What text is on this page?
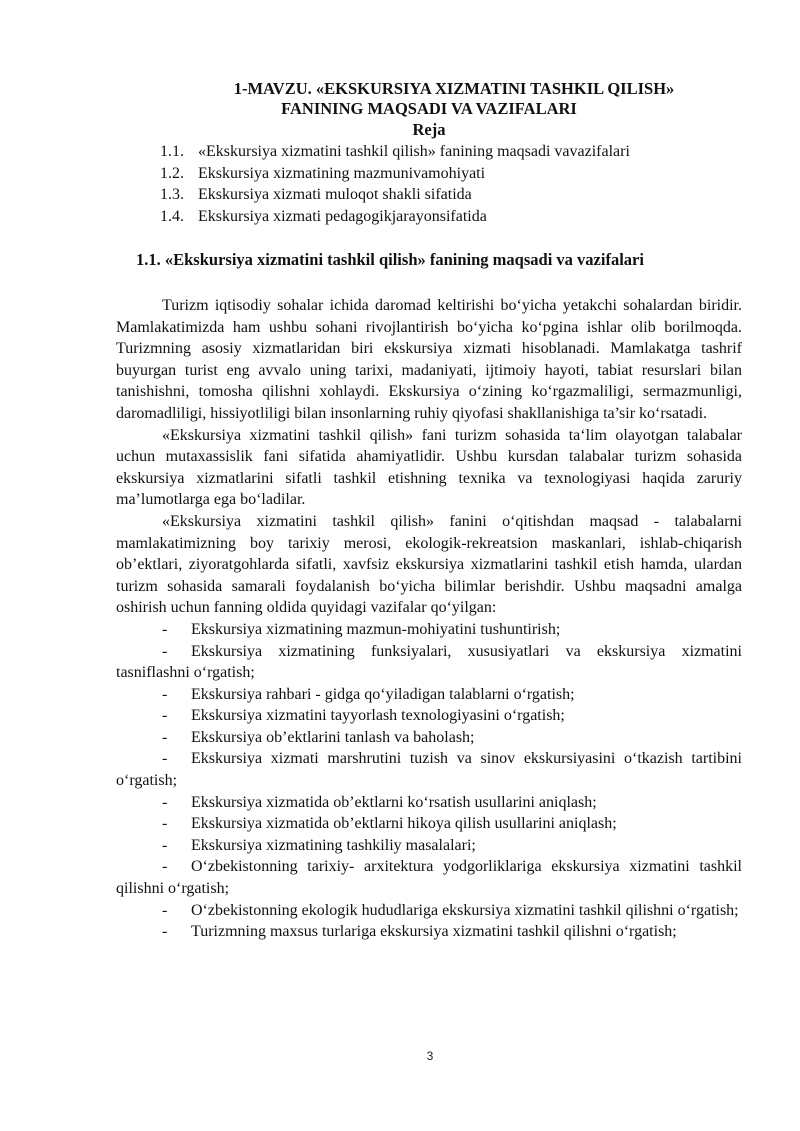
1-MAVZU. «EKSKURSIYA XIZMATINI TASHKIL QILISH»
FANINING MAQSADI VA VAZIFALARI
Reja
1.1. «Ekskursiya xizmatini tashkil qilish» fanining maqsadi vavazifalari
1.2. Ekskursiya xizmatining mazmunivamohiyati
1.3. Ekskursiya xizmati muloqot shakli sifatida
1.4. Ekskursiya xizmati pedagogikjarayonsifatida
1.1. «Ekskursiya xizmatini tashkil qilish» fanining maqsadi va vazifalari

Turizm iqtisodiy sohalar ichida daromad keltirishi bo‘yicha yetakchi sohalardan biridir. Mamlakatimizda ham ushbu sohani rivojlantirish bo‘yicha ko‘pgina ishlar olib borilmoqda. Turizmning asosiy xizmatlaridan biri ekskursiya xizmati hisoblanadi. Mamlakatga tashrif buyurgan turist eng avvalo uning tarixi, madaniyati, ijtimoiy hayoti, tabiat resurslari bilan tanishishni, tomosha qilishni xohlaydi. Ekskursiya o‘zining ko‘rgazmaliligi, sermazmunligi, daromadliligi, hissiyotliligi bilan insonlarning ruhiy qiyofasi shakllanishiga ta’sir ko‘rsatadi.

«Ekskursiya xizmatini tashkil qilish» fani turizm sohasida ta‘lim olayotgan talabalar uchun mutaxassislik fani sifatida ahamiyatlidir. Ushbu kursdan talabalar turizm sohasida ekskursiya xizmatlarini sifatli tashkil etishning texnika va texnologiyasi haqida zaruriy ma’lumotlarga ega bo‘ladilar.

«Ekskursiya xizmatini tashkil qilish» fanini o‘qitishdan maqsad - talabalarni mamlakatimizning boy tarixiy merosi, ekologik-rekreatsion maskanlari, ishlab-chiqarish ob’ektlari, ziyoratgohlarda sifatli, xavfsiz ekskursiya xizmatlarini tashkil etish hamda, ulardan turizm sohasida samarali foydalanish bo‘yicha bilimlar berishdir. Ushbu maqsadni amalga oshirish uchun fanning oldida quyidagi vazifalar qo‘yilgan:

- Ekskursiya xizmatining mazmun-mohiyatini tushuntirish;

- Ekskursiya xizmatining funksiyalari, xususiyatlari va ekskursiya xizmatini tasniflashni o‘rgatish;

- Ekskursiya rahbari - gidga qo‘yiladigan talablarni o‘rgatish;

- Ekskursiya xizmatini tayyorlash texnologiyasini o‘rgatish;

- Ekskursiya ob’ektlarini tanlash va baholash;

- Ekskursiya xizmati marshrutini tuzish va sinov ekskursiyasini o‘tkazish tartibini o‘rgatish;

- Ekskursiya xizmatida ob’ektlarni ko‘rsatish usullarini aniqlash;

- Ekskursiya xizmatida ob’ektlarni hikoya qilish usullarini aniqlash;

- Ekskursiya xizmatining tashkiliy masalalari;

- O‘zbekistonning tarixiy- arxitektura yodgorliklariga ekskursiya xizmatini tashkil qilishni o‘rgatish;

- O‘zbekistonning ekologik hududlariga ekskursiya xizmatini tashkil qilishni o‘rgatish;

- Turizmning maxsus turlariga ekskursiya xizmatini tashkil qilishni o‘rgatish;

3
